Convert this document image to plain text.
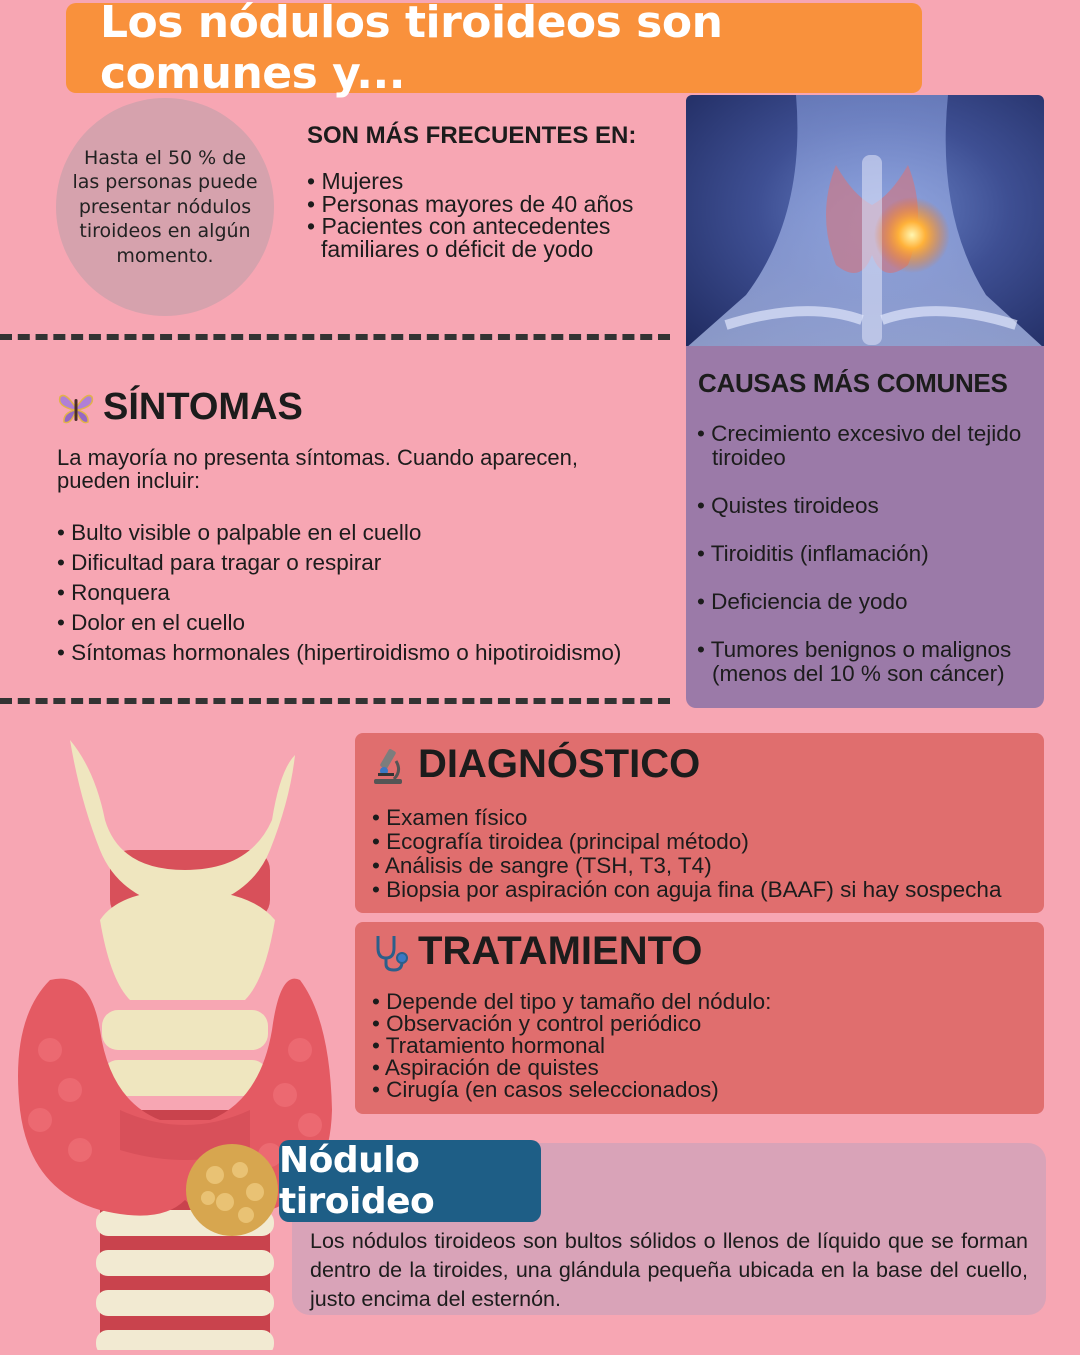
Los nódulos tiroideos son comunes y...
Hasta el 50 % de las personas puede presentar nódulos tiroideos en algún momento.
SON MÁS FRECUENTES EN:
• Mujeres
• Personas mayores de 40 años
• Pacientes con antecedentes familiares o déficit de yodo
CAUSAS MÁS COMUNES
• Crecimiento excesivo del tejido tiroideo
• Quistes tiroideos
• Tiroiditis (inflamación)
• Deficiencia de yodo
• Tumores benignos o malignos (menos del 10 % son cáncer)
SÍNTOMAS
La mayoría no presenta síntomas. Cuando aparecen, pueden incluir:
• Bulto visible o palpable en el cuello
• Dificultad para tragar o respirar
• Ronquera
• Dolor en el cuello
• Síntomas hormonales (hipertiroidismo o hipotiroidismo)
DIAGNÓSTICO
• Examen físico
• Ecografía tiroidea (principal método)
• Análisis de sangre (TSH, T3, T4)
• Biopsia por aspiración con aguja fina (BAAF) si hay sospecha
TRATAMIENTO
• Depende del tipo y tamaño del nódulo:
• Observación y control periódico
• Tratamiento hormonal
• Aspiración de quistes
• Cirugía (en casos seleccionados)
Nódulo tiroideo
Los nódulos tiroideos son bultos sólidos o llenos de líquido que se forman dentro de la tiroides, una glándula pequeña ubicada en la base del cuello, justo encima del esternón.
